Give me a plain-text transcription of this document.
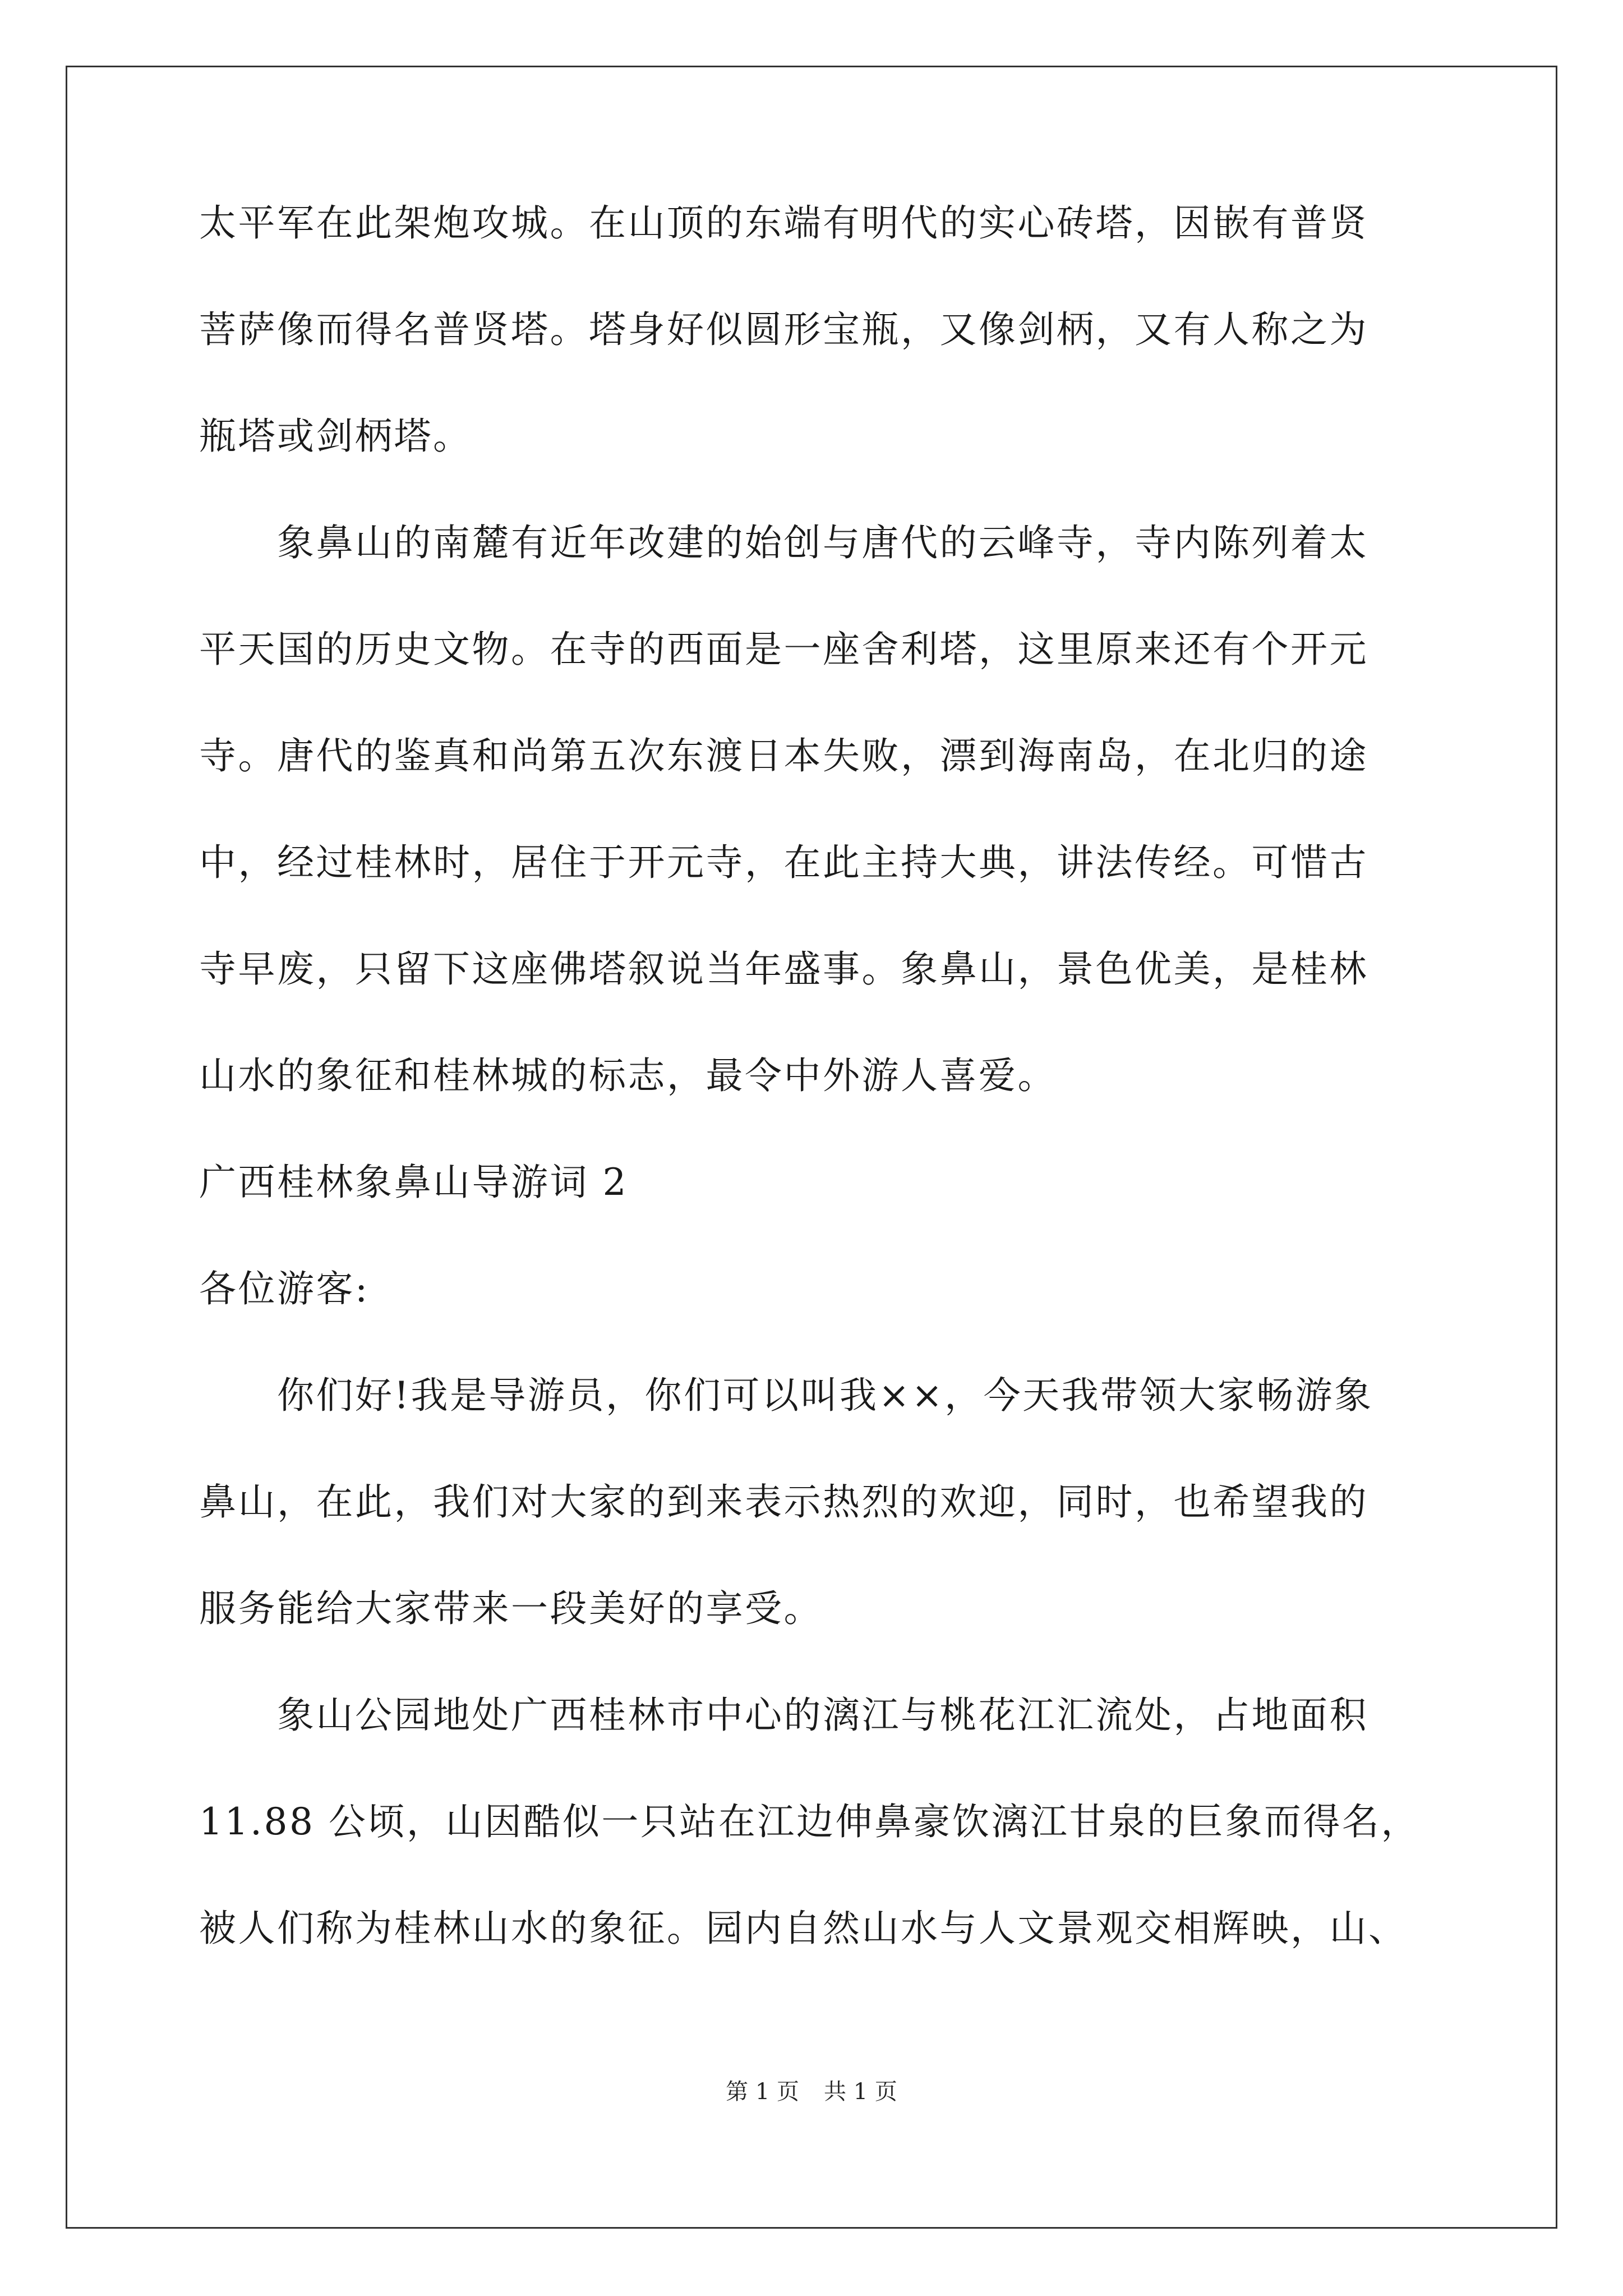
太平军在此架炮攻城。在山顶的东端有明代的实心砖塔，因嵌有普贤
菩萨像而得名普贤塔。塔身好似圆形宝瓶，又像剑柄，又有人称之为
瓶塔或剑柄塔。
　　象鼻山的南麓有近年改建的始创与唐代的云峰寺，寺内陈列着太
平天国的历史文物。在寺的西面是一座舍利塔，这里原来还有个开元
寺。唐代的鉴真和尚第五次东渡日本失败，漂到海南岛，在北归的途
中，经过桂林时，居住于开元寺，在此主持大典，讲法传经。可惜古
寺早废，只留下这座佛塔叙说当年盛事。象鼻山，景色优美，是桂林
山水的象征和桂林城的标志，最令中外游人喜爱。
广西桂林象鼻山导游词 2
各位游客:
　　你们好!我是导游员，你们可以叫我××，今天我带领大家畅游象
鼻山，在此，我们对大家的到来表示热烈的欢迎，同时，也希望我的
服务能给大家带来一段美好的享受。
　　象山公园地处广西桂林市中心的漓江与桃花江汇流处，占地面积
11.88 公顷，山因酷似一只站在江边伸鼻豪饮漓江甘泉的巨象而得名，
被人们称为桂林山水的象征。园内自然山水与人文景观交相辉映，山、
第 1 页 共 1 页
